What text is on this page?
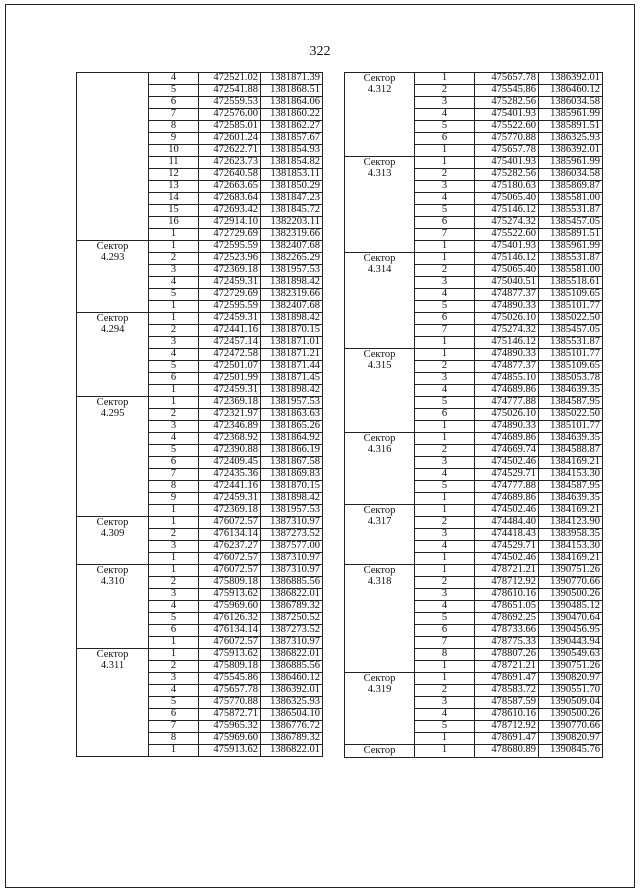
322
	4	472521.02	1381871.39
	5	472541.88	1381868.51
	6	472559.53	1381864.06
	7	472576.00	1381860.22
	8	472585.01	1381862.27
	9	472601.24	1381857.67
	10	472622.71	1381854.93
	11	472623.73	1381854.82
	12	472640.58	1381853.11
	13	472663.65	1381850.29
	14	472683.64	1381847.23
	15	472693.42	1381845.72
	16	472914.10	1382203.11
	1	472729.69	1382319.66

Сектор
4.293	1	472595.59	1382407.68
	2	472523.96	1382265.29
	3	472369.18	1381957.53
	4	472459.31	1381898.42
	5	472729.69	1382319.66
	1	472595.59	1382407.68

Сектор
4.294	1	472459.31	1381898.42
	2	472441.16	1381870.15
	3	472457.14	1381871.01
	4	472472.58	1381871.21
	5	472501.07	1381871.44
	6	472501.99	1381871.45
	1	472459.31	1381898.42

Сектор
4.295	1	472369.18	1381957.53
	2	472321.97	1381863.63
	3	472346.89	1381865.26
	4	472368.92	1381864.92
	5	472390.88	1381866.19
	6	472409.45	1381867.58
	7	472435.36	1381869.83
	8	472441.16	1381870.15
	9	472459.31	1381898.42
	1	472369.18	1381957.53

Сектор
4.309	1	476072.57	1387310.97
	2	476134.14	1387273.52
	3	476237.27	1387577.00
	1	476072.57	1387310.97

Сектор
4.310	1	476072.57	1387310.97
	2	475809.18	1386885.56
	3	475913.62	1386822.01
	4	475969.60	1386789.32
	5	476126.32	1387250.52
	6	476134.14	1387273.52
	1	476072.57	1387310.97

Сектор
4.311	1	475913.62	1386822.01
	2	475809.18	1386885.56
	3	475545.86	1386460.12
	4	475657.78	1386392.01
	5	475770.88	1386325.93
	6	475872.71	1386504.10
	7	475965.32	1386776.72
	8	475969.60	1386789.32
	1	475913.62	1386822.01
Сектор
4.312	1	475657.78	1386392.01
	2	475545.86	1386460.12
	3	475282.56	1386034.58
	4	475401.93	1385961.99
	5	475522.60	1385891.51
	6	475770.88	1386325.93
	1	475657.78	1386392.01

Сектор
4.313	1	475401.93	1385961.99
	2	475282.56	1386034.58
	3	475180.63	1385869.87
	4	475065.40	1385581.00
	5	475146.12	1385531.87
	6	475274.32	1385457.05
	7	475522.60	1385891.51
	1	475401.93	1385961.99

Сектор
4.314	1	475146.12	1385531.87
	2	475065.40	1385581.00
	3	475040.51	1385518.61
	4	474877.37	1385109.65
	5	474890.33	1385101.77
	6	475026.10	1385022.50
	7	475274.32	1385457.05
	1	475146.12	1385531.87

Сектор
4.315	1	474890.33	1385101.77
	2	474877.37	1385109.65
	3	474855.10	1385053.78
	4	474689.86	1384639.35
	5	474777.88	1384587.95
	6	475026.10	1385022.50
	1	474890.33	1385101.77

Сектор
4.316	1	474689.86	1384639.35
	2	474669.74	1384588.87
	3	474502.46	1384169.21
	4	474529.71	1384153.30
	5	474777.88	1384587.95
	1	474689.86	1384639.35

Сектор
4.317	1	474502.46	1384169.21
	2	474484.40	1384123.90
	3	474418.43	1383958.35
	4	474529.71	1384153.30
	1	474502.46	1384169.21

Сектор
4.318	1	478721.21	1390751.26
	2	478712.92	1390770.66
	3	478610.16	1390500.26
	4	478651.05	1390485.12
	5	478692.25	1390470.64
	6	478733.66	1390456.95
	7	478775.33	1390443.94
	8	478807.26	1390549.63
	1	478721.21	1390751.26

Сектор
4.319	1	478691.47	1390820.97
	2	478583.72	1390551.70
	3	478587.59	1390509.04
	4	478610.16	1390500.26
	5	478712.92	1390770.66
	1	478691.47	1390820.97

Сектор	1	478680.89	1390845.76
